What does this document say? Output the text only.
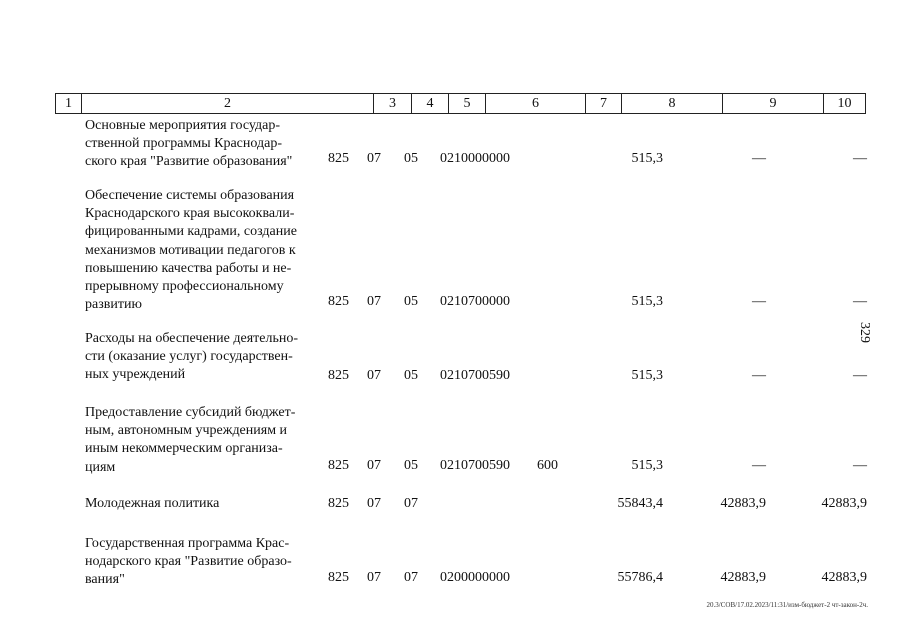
1	2	3	4	5	6	7	8	9	10
Основные мероприятия государ-
ственной программы Краснодар-
ского края "Развитие образования"	825 07 05 0210000000	515,3	—	—
Обеспечение системы образования
Краснодарского края высококвали-
фицированными кадрами, создание
механизмов мотивации педагогов к
повышению качества работы и не-
прерывному профессиональному
развитию	825 07 05 0210700000	515,3	—	—
Расходы на обеспечение деятельно-
сти (оказание услуг) государствен-
ных учреждений	825 07 05 0210700590	515,3	—	—
Предоставление субсидий бюджет-
ным, автономным учреждениям и
иным некоммерческим организа-
циям	825 07 05 0210700590 600	515,3	—	—
Молодежная политика	825 07 07	55843,4	42883,9	42883,9
Государственная программа Крас-
нодарского края "Развитие образо-
вания"	825 07 07 0200000000	55786,4	42883,9	42883,9
329
20.3/СОВ/17.02.2023/11:31/изм-бюджет-2 чт-закон-2ч.
